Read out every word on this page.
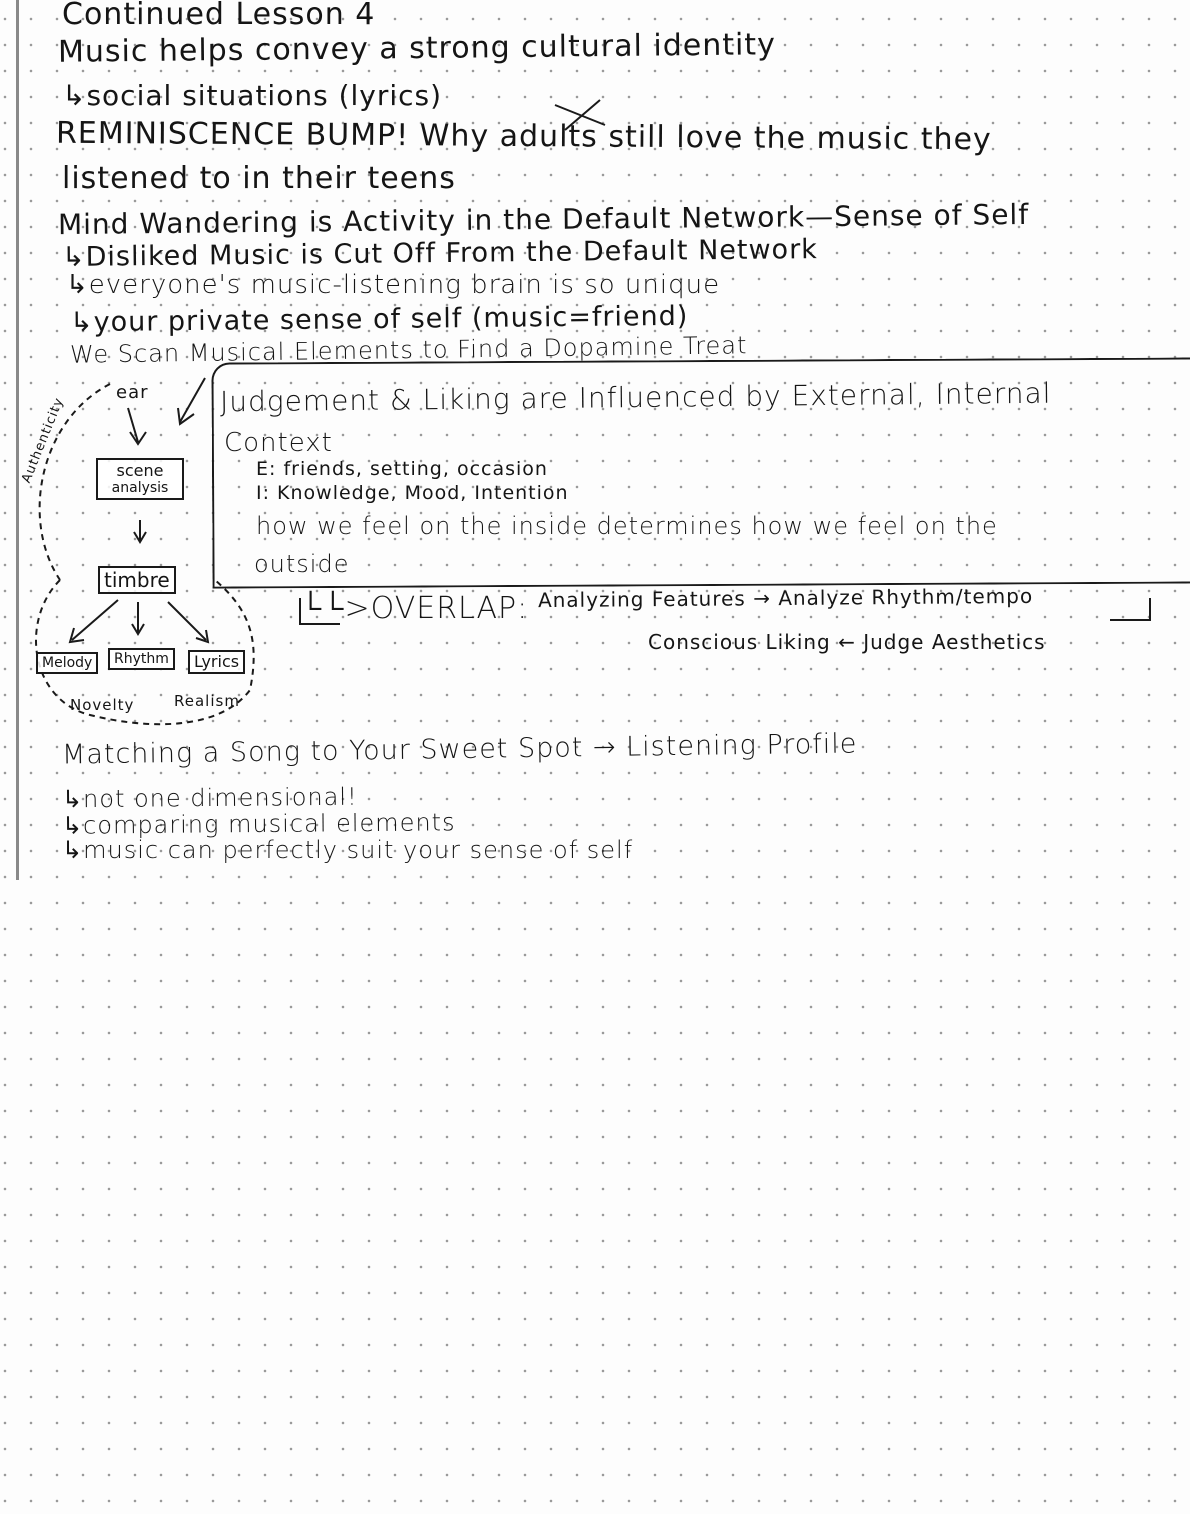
Continued Lesson 4
Music helps convey a strong cultural identity
↳social situations (lyrics)
REMINISCENCE BUMP! Why adults still love the music they
listened to in their teens
Mind Wandering is Activity in the Default Network—Sense of Self
↳Disliked Music is Cut Off From the Default Network
↳everyone's music-listening brain is so unique
↳your private sense of self (music=friend)
We Scan Musical Elements to Find a Dopamine Treat
Judgement & Liking are Influenced by External, Internal
Context
E: friends, setting, occasion
I: Knowledge, Mood, Intention
how we feel on the inside determines how we feel on the
outside
└└>OVERLAP: Analyzing Features → Analyze Rhythm/tempo
Conscious Liking ← Judge Aesthetics
ear
Authenticity	scene
analysis
timbre
Melody	Rhythm	Lyrics
Novelty	Realism
Matching a Song to Your Sweet Spot → Listening Profile
↳not one dimensional!
↳comparing musical elements
↳music can perfectly suit your sense of self
